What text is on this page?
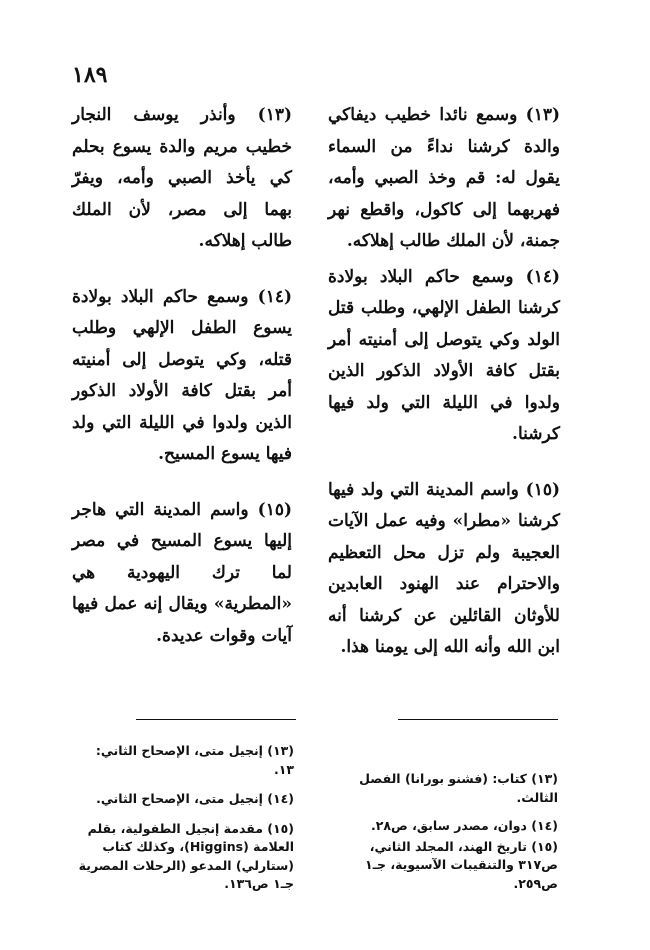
١٨٩

(١٣) وسمع نائدا خطيب ديفاكي والدة كرشنا نداءً من السماء يقول له: قم وخذ الصبي وأمه، فهربهما إلى كاكول، واقطع نهر جمنة، لأن الملك طالب إهلاكه.

(١٤) وسمع حاكم البلاد بولادة كرشنا الطفل الإلهي، وطلب قتل الولد وكي يتوصل إلى أمنيته أمر بقتل كافة الأولاد الذكور الذين ولدوا في الليلة التي ولد فيها كرشنا.

(١٥) واسم المدينة التي ولد فيها كرشنا «مطرا» وفيه عمل الآيات العجيبة ولم تزل محل التعظيم والاحترام عند الهنود العابدين للأوثان القائلين عن كرشنا أنه ابن الله وأنه الله إلى يومنا هذا.

(١٣) وأنذر يوسف النجار خطيب مريم والدة يسوع بحلم كي يأخذ الصبي وأمه، ويفرّ بهما إلى مصر، لأن الملك طالب إهلاكه.

(١٤) وسمع حاكم البلاد بولادة يسوع الطفل الإلهي وطلب قتله، وكي يتوصل إلى أمنيته أمر بقتل كافة الأولاد الذكور الذين ولدوا في الليلة التي ولد فيها يسوع المسيح.

(١٥) واسم المدينة التي هاجر إليها يسوع المسيح في مصر لما ترك اليهودية هي «المطرية» ويقال إنه عمل فيها آيات وقوات عديدة.

(١٣) كتاب: (فشنو بورانا) الفصل الثالث.

(١٤) دوان، مصدر سابق، ص٢٨.

(١٥) تاريخ الهند، المجلد الثاني، ص٣١٧ والتنقيبات الآسيوية، جـ١ ص٢٥٩.

(١٣) إنجيل متى، الإصحاح الثاني: ١٣.

(١٤) إنجيل متى، الإصحاح الثاني.

(١٥) مقدمة إنجيل الطفولية، بقلم العلامة (Higgins)، وكذلك كتاب (ستارلي) المدعو (الرحلات المصرية جـ١ ص١٣٦.
